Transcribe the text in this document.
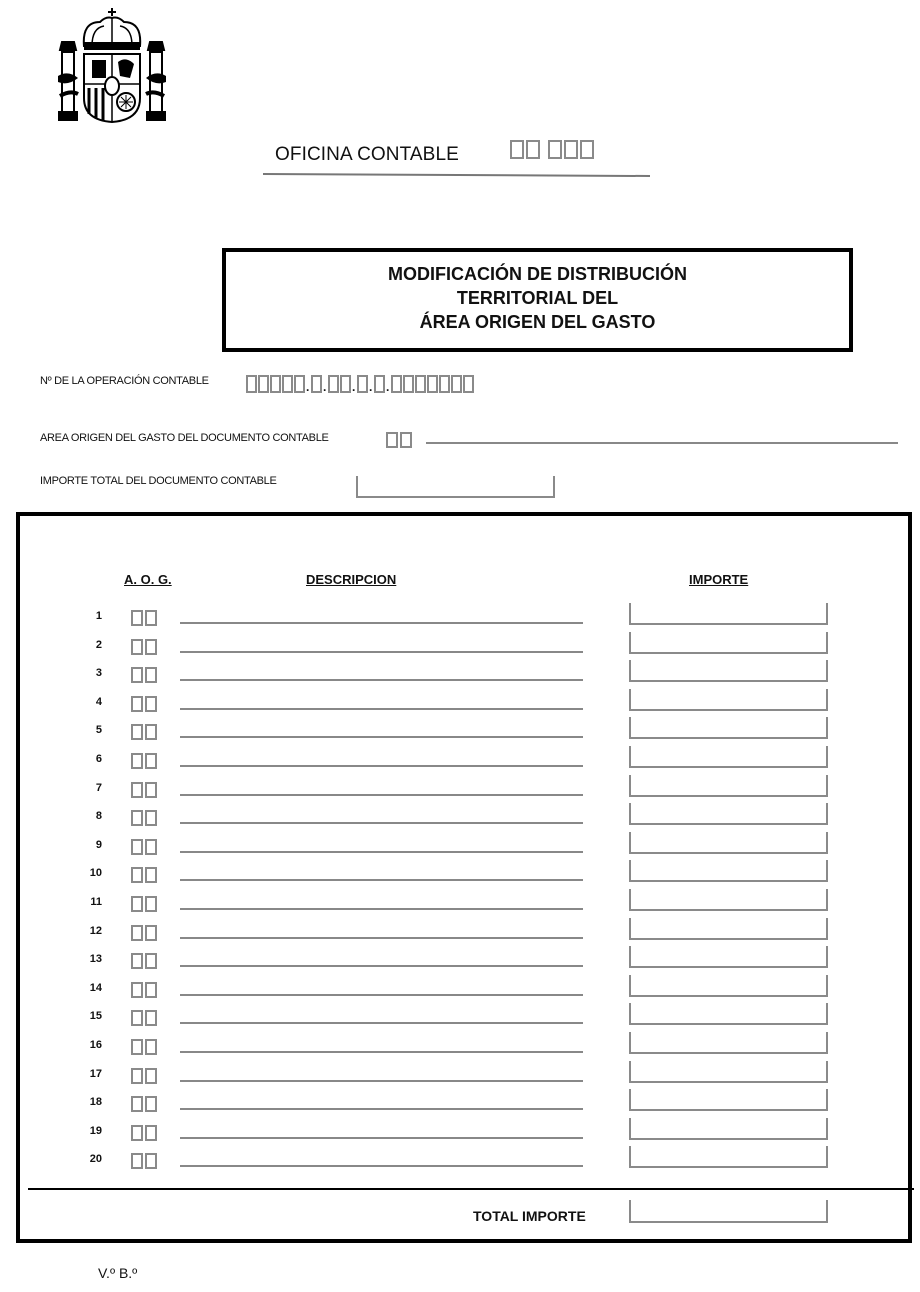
OFICINA CONTABLE
MODIFICACIÓN DE DISTRIBUCIÓN
TERRITORIAL DEL
ÁREA ORIGEN DEL GASTO
Nº DE LA OPERACIÓN CONTABLE	. . . . .
AREA ORIGEN DEL GASTO DEL DOCUMENTO CONTABLE
IMPORTE TOTAL DEL DOCUMENTO CONTABLE
A. O. G.	DESCRIPCION	IMPORTE
1
2
3
4
5
6
7
8
9
10
11
12
13
14
15
16
17
18
19
20
TOTAL IMPORTE
V.º B.º
